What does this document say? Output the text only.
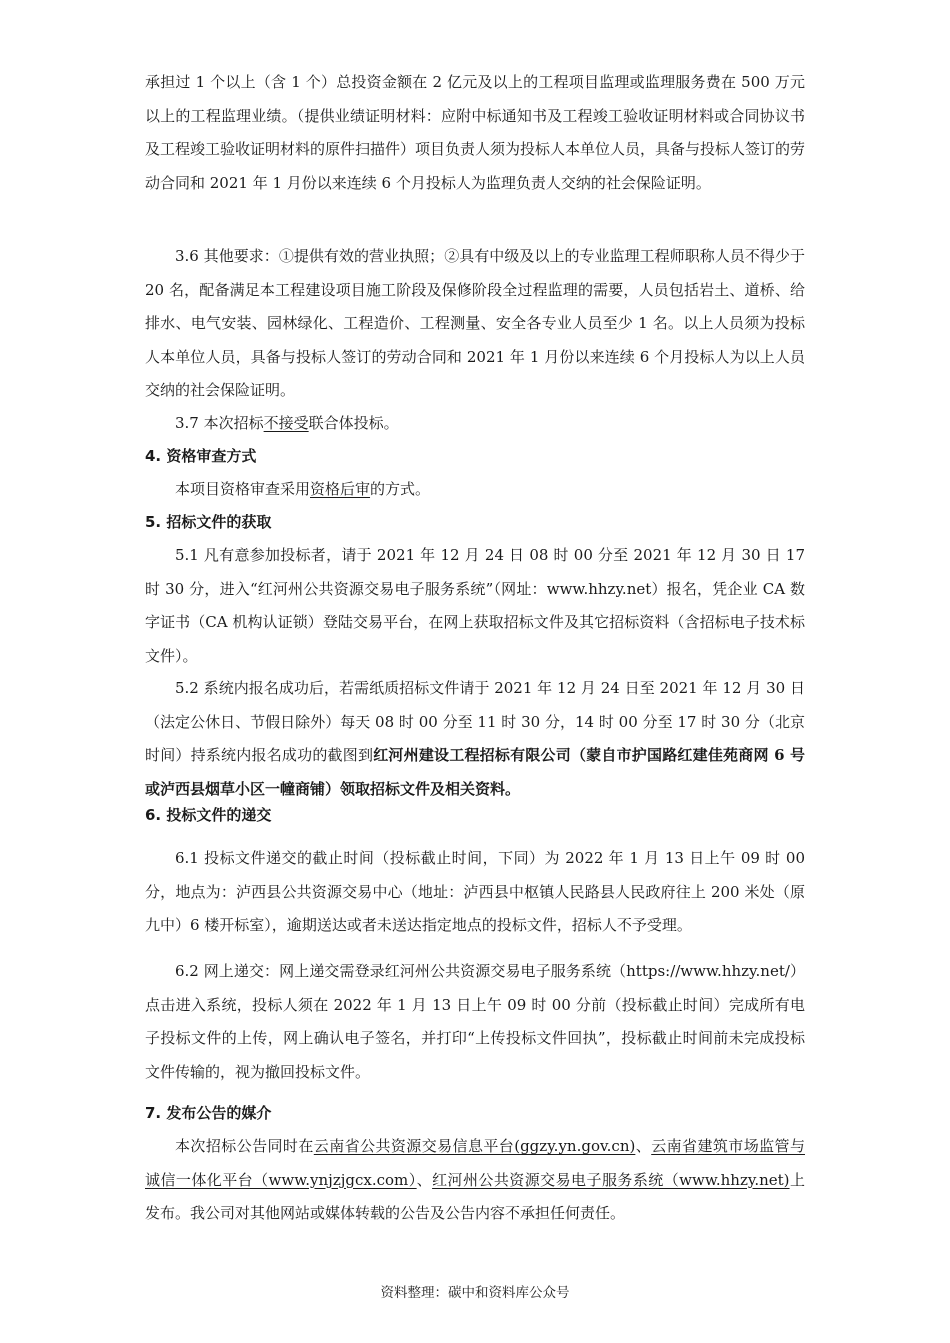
承担过 1 个以上（含 1 个）总投资金额在 2 亿元及以上的工程项目监理或监理服务费在 500 万元以上的工程监理业绩。（提供业绩证明材料：应附中标通知书及工程竣工验收证明材料或合同协议书及工程竣工验收证明材料的原件扫描件）项目负责人须为投标人本单位人员，具备与投标人签订的劳动合同和 2021 年 1 月份以来连续 6 个月投标人为监理负责人交纳的社会保险证明。

3.6 其他要求：①提供有效的营业执照；②具有中级及以上的专业监理工程师职称人员不得少于 20 名，配备满足本工程建设项目施工阶段及保修阶段全过程监理的需要，人员包括岩土、道桥、给排水、电气安装、园林绿化、工程造价、工程测量、安全各专业人员至少 1 名。以上人员须为投标人本单位人员，具备与投标人签订的劳动合同和 2021 年 1 月份以来连续 6 个月投标人为以上人员交纳的社会保险证明。

3.7 本次招标不接受联合体投标。

4. 资格审查方式

本项目资格审查采用资格后审的方式。

5. 招标文件的获取

5.1 凡有意参加投标者，请于 2021 年 12 月 24 日 08 时 00 分至 2021 年 12 月 30 日 17 时 30 分，进入“红河州公共资源交易电子服务系统”（网址：www.hhzy.net）报名，凭企业 CA 数字证书（CA 机构认证锁）登陆交易平台，在网上获取招标文件及其它招标资料（含招标电子技术标文件）。

5.2 系统内报名成功后，若需纸质招标文件请于 2021 年 12 月 24 日至 2021 年 12 月 30 日（法定公休日、节假日除外）每天 08 时 00 分至 11 时 30 分，14 时 00 分至 17 时 30 分（北京时间）持系统内报名成功的截图到红河州建设工程招标有限公司（蒙自市护国路红建佳苑商网 6 号或泸西县烟草小区一幢商铺）领取招标文件及相关资料。

6. 投标文件的递交

6.1 投标文件递交的截止时间（投标截止时间，下同）为 2022 年 1 月 13 日上午 09 时 00 分，地点为：泸西县公共资源交易中心（地址：泸西县中枢镇人民路县人民政府往上 200 米处（原九中）6 楼开标室），逾期送达或者未送达指定地点的投标文件，招标人不予受理。

6.2 网上递交：网上递交需登录红河州公共资源交易电子服务系统（https://www.hhzy.net/）点击进入系统，投标人须在 2022 年 1 月 13 日上午 09 时 00 分前（投标截止时间）完成所有电子投标文件的上传，网上确认电子签名，并打印“上传投标文件回执”，投标截止时间前未完成投标文件传输的，视为撤回投标文件。

7. 发布公告的媒介

本次招标公告同时在云南省公共资源交易信息平台(ggzy.yn.gov.cn)、云南省建筑市场监管与诚信一体化平台（www.ynjzjgcx.com）、红河州公共资源交易电子服务系统（www.hhzy.net)上发布。我公司对其他网站或媒体转载的公告及公告内容不承担任何责任。

资料整理：碳中和资料库公众号
